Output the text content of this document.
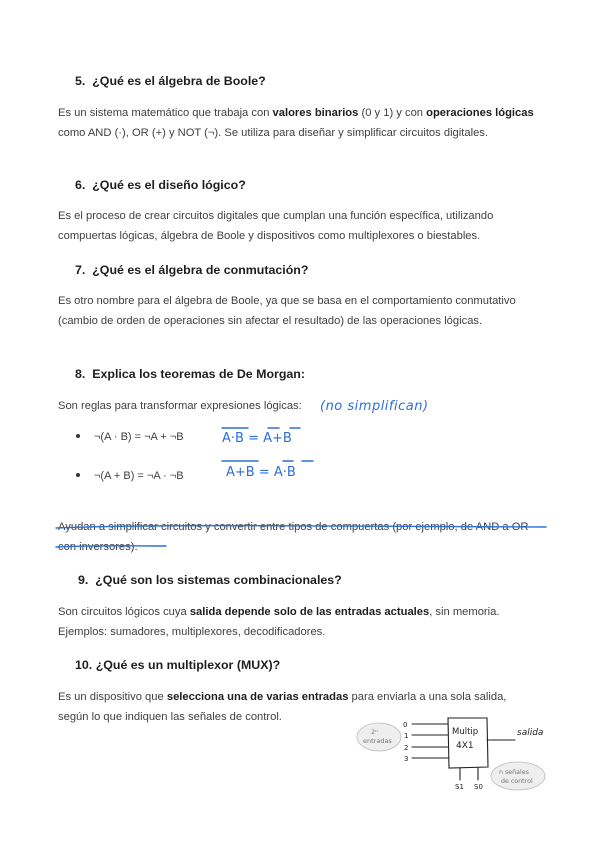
5. ¿Qué es el álgebra de Boole?
Es un sistema matemático que trabaja con valores binarios (0 y 1) y con operaciones lógicas como AND (·), OR (+) y NOT (¬). Se utiliza para diseñar y simplificar circuitos digitales.
6. ¿Qué es el diseño lógico?
Es el proceso de crear circuitos digitales que cumplan una función específica, utilizando compuertas lógicas, álgebra de Boole y dispositivos como multiplexores o biestables.
7. ¿Qué es el álgebra de conmutación?
Es otro nombre para el álgebra de Boole, ya que se basa en el comportamiento conmutativo (cambio de orden de operaciones sin afectar el resultado) de las operaciones lógicas.
8. Explica los teoremas de De Morgan:
Son reglas para transformar expresiones lógicas:
¬(A · B) = ¬A + ¬B
¬(A + B) = ¬A · ¬B
Ayudan a simplificar circuitos y convertir entre tipos de compuertas (por ejemplo, de AND a OR con inversores).
9. ¿Qué son los sistemas combinacionales?
Son circuitos lógicos cuya salida depende solo de las entradas actuales, sin memoria. Ejemplos: sumadores, multiplexores, decodificadores.
10. ¿Qué es un multiplexor (MUX)?
Es un dispositivo que selecciona una de varias entradas para enviarla a una sola salida, según lo que indiquen las señales de control.
(no simplifican)
A·B = A+B
A+B = A·B
Multip
4X1
salida
0
1
2
3
2ⁿ
entradas
S1 S0
n señales
de control
